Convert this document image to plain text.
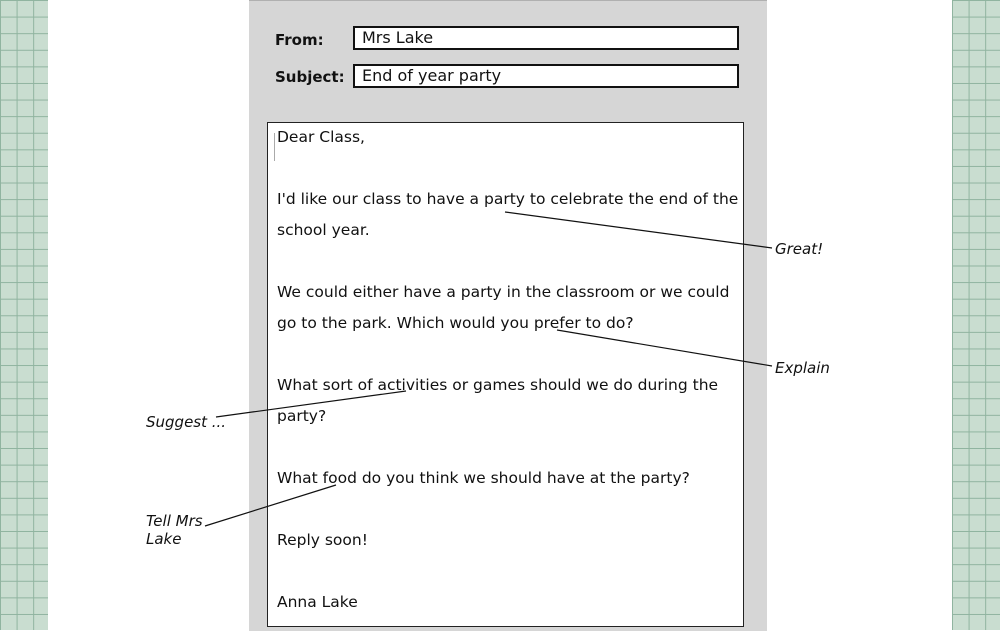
From:	Mrs Lake
Subject:	End of year party
Dear Class,
I'd like our class to have a party to celebrate the end of the
school year.
We could either have a party in the classroom or we could
go to the park. Which would you prefer to do?
What sort of activities or games should we do during the
party?
What food do you think we should have at the party?
Reply soon!
Anna Lake
Great!
Explain
Suggest ...
Tell Mrs
Lake
